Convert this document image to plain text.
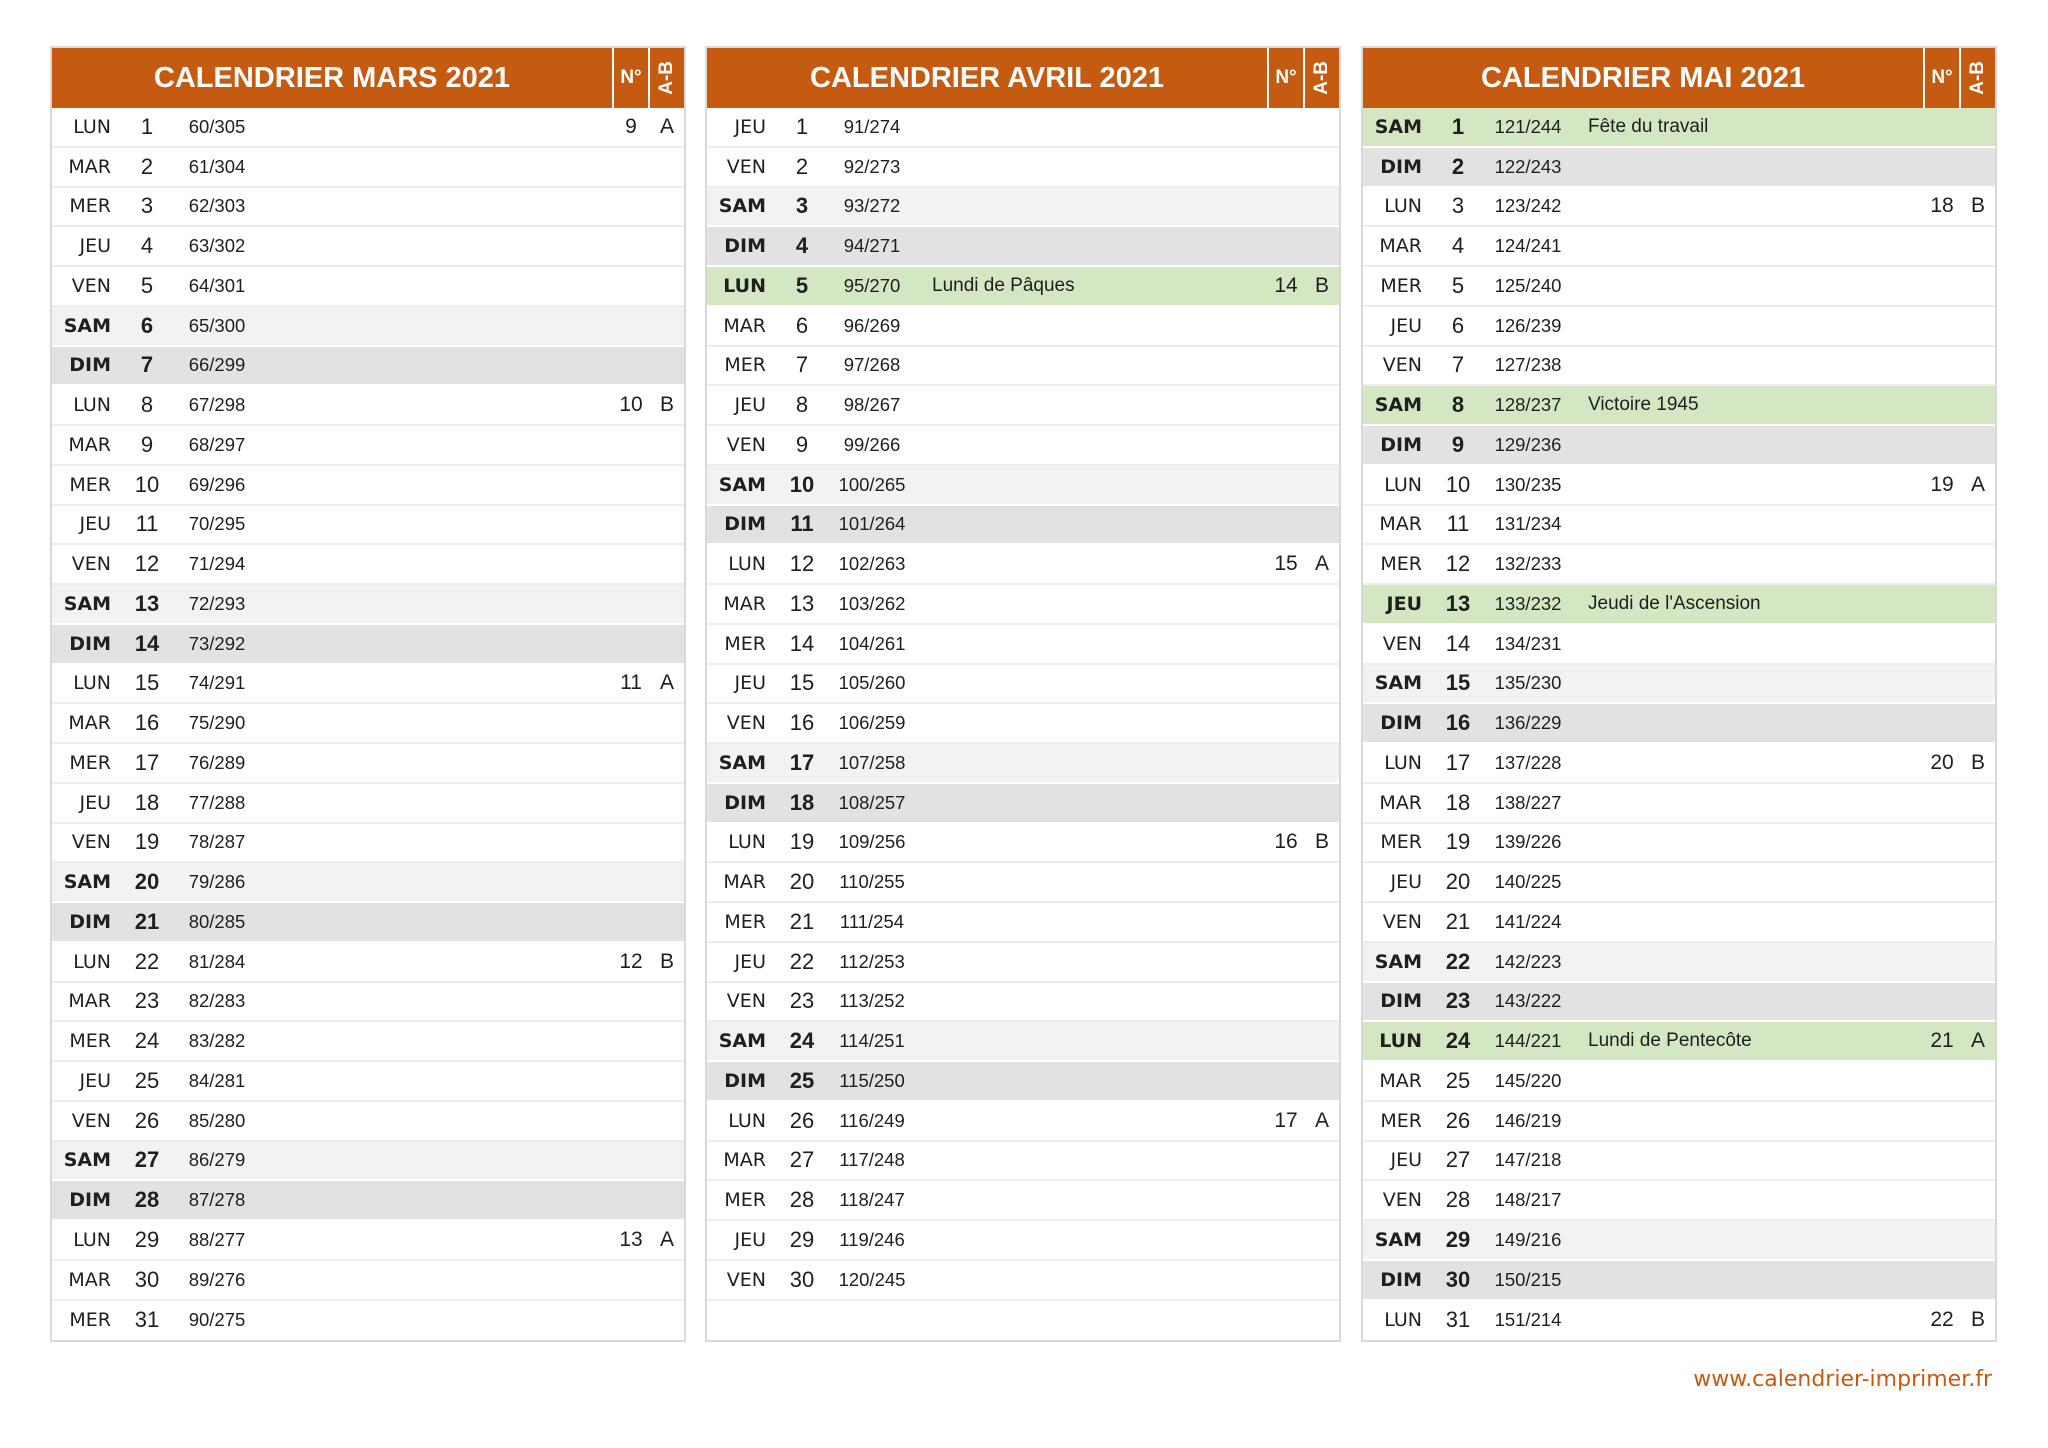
CALENDRIER MARS 2021	N° A-B
LUN	1	60/305	9	A
MAR	2	61/304
MER	3	62/303
JEU	4	63/302
VEN	5	64/301
SAM	6	65/300
DIM	7	66/299
LUN	8	67/298	10 B
MAR	9	68/297
MER	10	69/296
JEU	11	70/295
VEN	12	71/294
SAM	13	72/293
DIM	14	73/292
LUN	15	74/291	11 A
MAR	16	75/290
MER	17	76/289
JEU	18	77/288
VEN	19	78/287
SAM	20	79/286
DIM	21	80/285
LUN	22	81/284	12 B
MAR	23	82/283
MER	24	83/282
JEU	25	84/281
VEN	26	85/280
SAM	27	86/279
DIM	28	87/278
LUN	29	88/277	13 A
MAR	30	89/276
MER	31	90/275
CALENDRIER AVRIL 2021	N° A-B
JEU	1	91/274
VEN	2	92/273
SAM	3	93/272
DIM	4	94/271
LUN	5	95/270	Lundi de Pâques	14 B
MAR	6	96/269
MER	7	97/268
JEU	8	98/267
VEN	9	99/266
SAM	10	100/265
DIM	11	101/264
LUN	12	102/263	15 A
MAR	13	103/262
MER	14	104/261
JEU	15	105/260
VEN	16	106/259
SAM	17	107/258
DIM	18	108/257
LUN	19	109/256	16 B
MAR	20	110/255
MER	21	111/254
JEU	22	112/253
VEN	23	113/252
SAM	24	114/251
DIM	25	115/250
LUN	26	116/249	17 A
MAR	27	117/248
MER	28	118/247
JEU	29	119/246
VEN	30	120/245
CALENDRIER MAI 2021	N° A-B
SAM	1	121/244	Fête du travail
DIM	2	122/243
LUN	3	123/242	18 B
MAR	4	124/241
MER	5	125/240
JEU	6	126/239
VEN	7	127/238
SAM	8	128/237	Victoire 1945
DIM	9	129/236
LUN	10	130/235	19 A
MAR	11	131/234
MER	12	132/233
JEU	13	133/232	Jeudi de l'Ascension
VEN	14	134/231
SAM	15	135/230
DIM	16	136/229
LUN	17	137/228	20 B
MAR	18	138/227
MER	19	139/226
JEU	20	140/225
VEN	21	141/224
SAM	22	142/223
DIM	23	143/222
LUN	24	144/221	Lundi de Pentecôte	21 A
MAR	25	145/220
MER	26	146/219
JEU	27	147/218
VEN	28	148/217
SAM	29	149/216
DIM	30	150/215
LUN	31	151/214	22 B
www.calendrier-imprimer.fr
